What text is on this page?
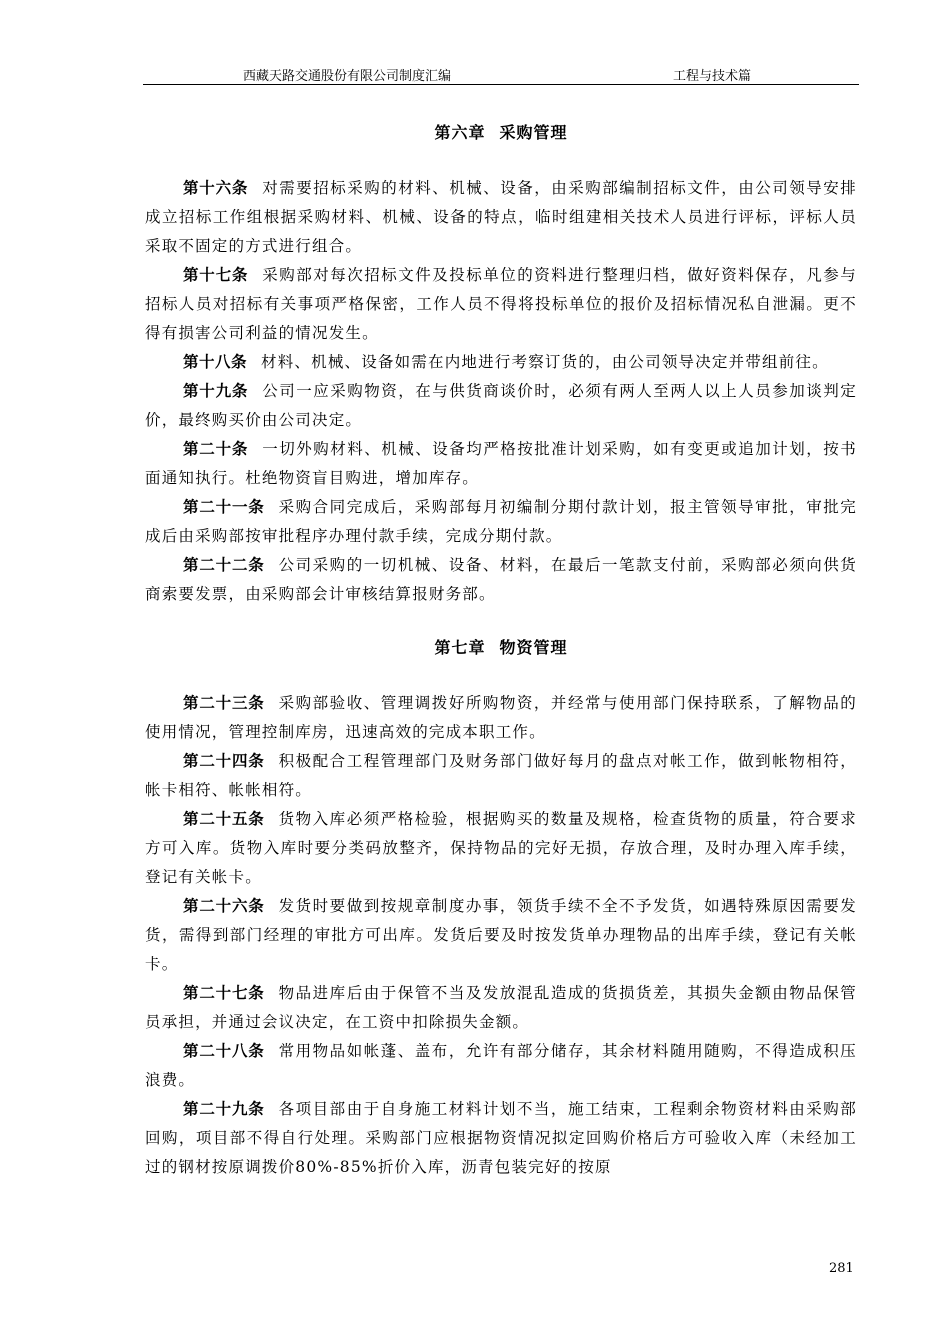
西藏天路交通股份有限公司制度汇编	工程与技术篇
第六章 采购管理

第十六条 对需要招标采购的材料、机械、设备，由采购部编制招标文件，由公司领导安排成立招标工作组根据采购材料、机械、设备的特点，临时组建相关技术人员进行评标，评标人员采取不固定的方式进行组合。

第十七条 采购部对每次招标文件及投标单位的资料进行整理归档，做好资料保存，凡参与招标人员对招标有关事项严格保密，工作人员不得将投标单位的报价及招标情况私自泄漏。更不得有损害公司利益的情况发生。

第十八条 材料、机械、设备如需在内地进行考察订货的，由公司领导决定并带组前往。

第十九条 公司一应采购物资，在与供货商谈价时，必须有两人至两人以上人员参加谈判定价，最终购买价由公司决定。

第二十条 一切外购材料、机械、设备均严格按批准计划采购，如有变更或追加计划，按书面通知执行。杜绝物资盲目购进，增加库存。

第二十一条 采购合同完成后，采购部每月初编制分期付款计划，报主管领导审批，审批完成后由采购部按审批程序办理付款手续，完成分期付款。

第二十二条 公司采购的一切机械、设备、材料，在最后一笔款支付前，采购部必须向供货商索要发票，由采购部会计审核结算报财务部。

第七章 物资管理

第二十三条 采购部验收、管理调拨好所购物资，并经常与使用部门保持联系，了解物品的使用情况，管理控制库房，迅速高效的完成本职工作。

第二十四条 积极配合工程管理部门及财务部门做好每月的盘点对帐工作，做到帐物相符，帐卡相符、帐帐相符。

第二十五条 货物入库必须严格检验，根据购买的数量及规格，检查货物的质量，符合要求方可入库。货物入库时要分类码放整齐，保持物品的完好无损，存放合理，及时办理入库手续，登记有关帐卡。

第二十六条 发货时要做到按规章制度办事，领货手续不全不予发货，如遇特殊原因需要发货，需得到部门经理的审批方可出库。发货后要及时按发货单办理物品的出库手续，登记有关帐卡。

第二十七条 物品进库后由于保管不当及发放混乱造成的货损货差，其损失金额由物品保管员承担，并通过会议决定，在工资中扣除损失金额。

第二十八条 常用物品如帐蓬、盖布，允许有部分储存，其余材料随用随购，不得造成积压浪费。

第二十九条 各项目部由于自身施工材料计划不当，施工结束，工程剩余物资材料由采购部回购，项目部不得自行处理。采购部门应根据物资情况拟定回购价格后方可验收入库（未经加工过的钢材按原调拨价80%-85%折价入库，沥青包装完好的按原

281
